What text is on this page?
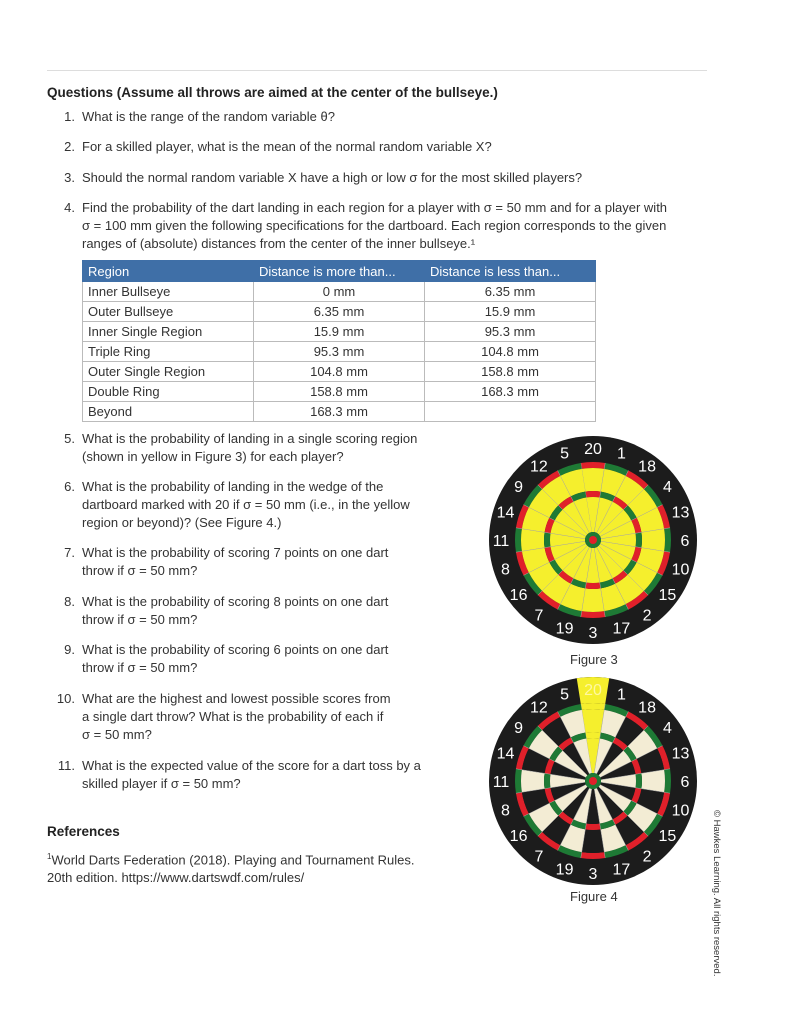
Questions (Assume all throws are aimed at the center of the bullseye.)
1. What is the range of the random variable θ?
2. For a skilled player, what is the mean of the normal random variable X?
3. Should the normal random variable X have a high or low σ for the most skilled players?
4. Find the probability of the dart landing in each region for a player with σ = 50 mm and for a player with
σ = 100 mm given the following specifications for the dartboard. Each region corresponds to the given
ranges of (absolute) distances from the center of the inner bullseye.¹
5. What is the probability of landing in a single scoring region
(shown in yellow in Figure 3) for each player?
6. What is the probability of landing in the wedge of the
dartboard marked with 20 if σ = 50 mm (i.e., in the yellow
region or beyond)? (See Figure 4.)
7. What is the probability of scoring 7 points on one dart
throw if σ = 50 mm?
8. What is the probability of scoring 8 points on one dart
throw if σ = 50 mm?
9. What is the probability of scoring 6 points on one dart
throw if σ = 50 mm?
10. What are the highest and lowest possible scores from
a single dart throw? What is the probability of each if
σ = 50 mm?
11. What is the expected value of the score for a dart toss by a
skilled player if σ = 50 mm?
Region	Distance is more than...	Distance is less than...
Inner Bullseye	0 mm	6.35 mm
Outer Bullseye	6.35 mm	15.9 mm
Inner Single Region	15.9 mm	95.3 mm
Triple Ring	95.3 mm	104.8 mm
Outer Single Region	104.8 mm	158.8 mm
Double Ring	158.8 mm	168.3 mm
Beyond	168.3 mm	
20 1
18
4
13
6
10
15
2
17
3
19
7
16
8
11
14
9
12
5
Figure 3
20 1
18
4
13
6
10
15
2
17
3
19
7
16
8
11
14
9
12
5
Figure 4
References
$^1$World Darts Federation (2018). Playing and Tournament Rules.
20th edition. https://www.dartswdf.com/rules/	© Hawkes Learning. All rights reserved.
